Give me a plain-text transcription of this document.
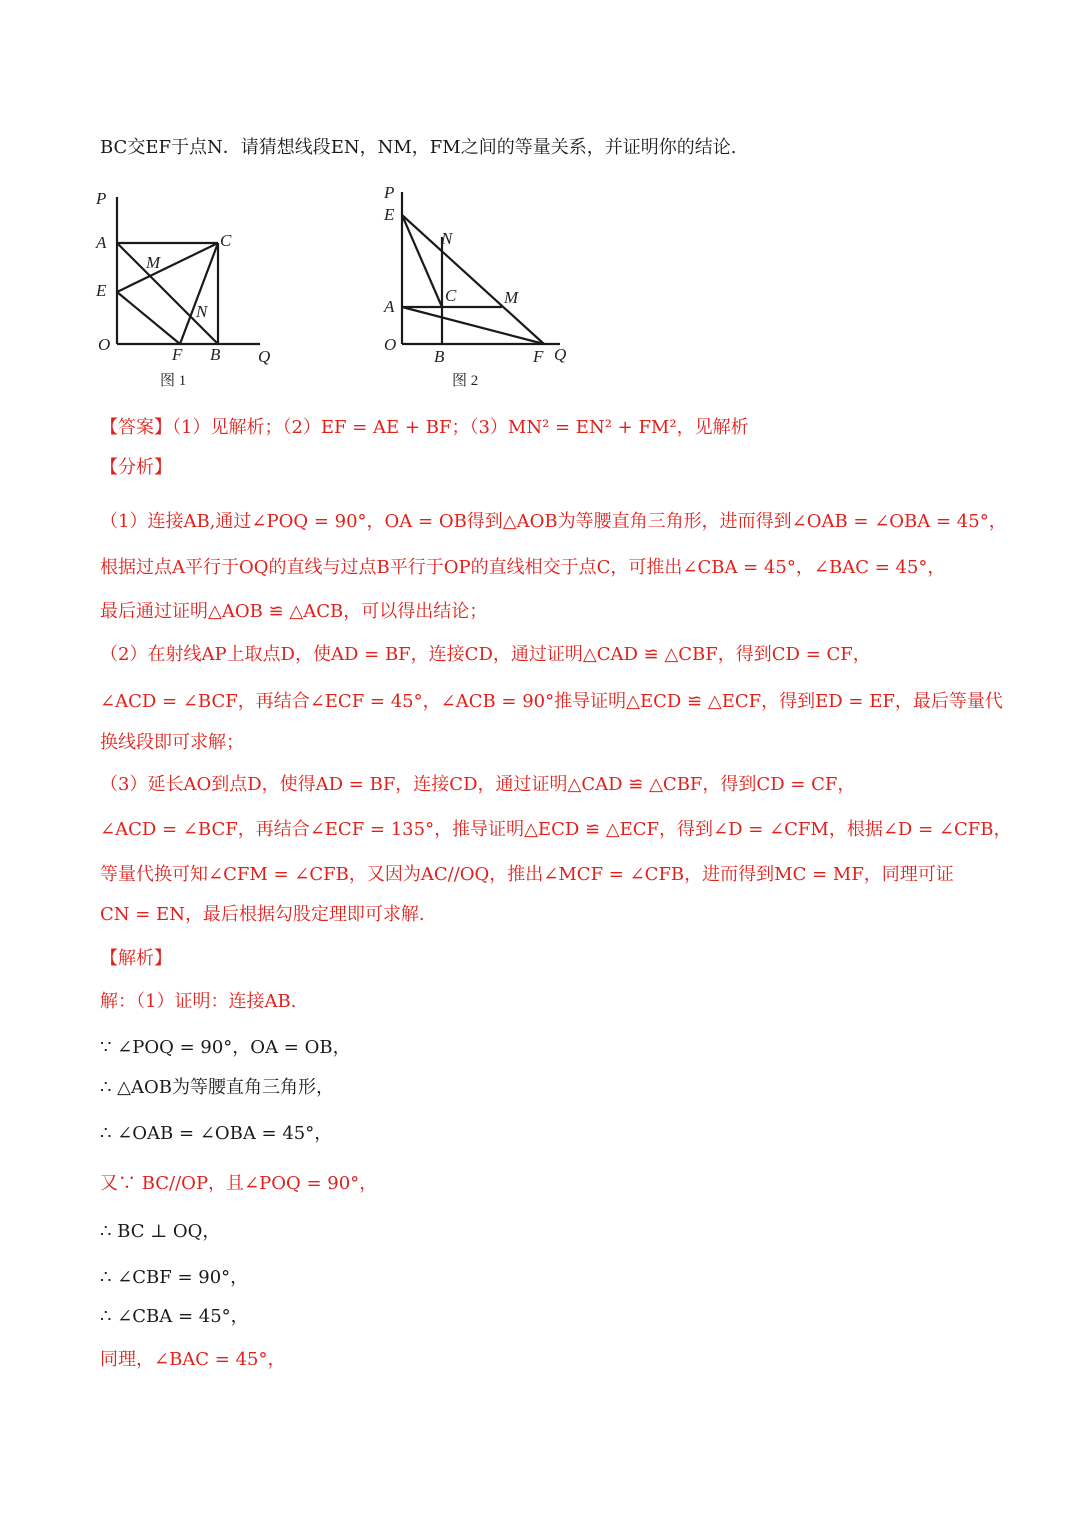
BC交EF于点N．请猜想线段EN，NM，FM之间的等量关系，并证明你的结论.
P
A	C
M
E
N
O
F B Q
图 1
P
E
N
C	M
A
O
B	F Q
图 2
【答案】（1）见解析；（2）EF = AE + BF；（3）MN² = EN² + FM²，见解析
【分析】
（1）连接AB,通过∠POQ = 90°，OA = OB得到△AOB为等腰直角三角形，进而得到∠OAB = ∠OBA = 45°，
根据过点A平行于OQ的直线与过点B平行于OP的直线相交于点C，可推出∠CBA = 45°，∠BAC = 45°，
最后通过证明△AOB ≌ △ACB，可以得出结论；
（2）在射线AP上取点D，使AD = BF，连接CD，通过证明△CAD ≌ △CBF，得到CD = CF，
∠ACD = ∠BCF，再结合∠ECF = 45°，∠ACB = 90°推导证明△ECD ≌ △ECF，得到ED = EF，最后等量代
换线段即可求解；
（3）延长AO到点D，使得AD = BF，连接CD，通过证明△CAD ≌ △CBF，得到CD = CF，
∠ACD = ∠BCF，再结合∠ECF = 135°，推导证明△ECD ≌ △ECF，得到∠D = ∠CFM，根据∠D = ∠CFB，
等量代换可知∠CFM = ∠CFB，又因为AC//OQ，推出∠MCF = ∠CFB，进而得到MC = MF，同理可证
CN = EN，最后根据勾股定理即可求解.
【解析】
解：（1）证明：连接AB.
∵ ∠POQ = 90°，OA = OB，
∴ △AOB为等腰直角三角形，
∴ ∠OAB = ∠OBA = 45°，
又∵ BC//OP，且∠POQ = 90°，
∴ BC ⊥ OQ，
∴ ∠CBF = 90°，
∴ ∠CBA = 45°，
同理，∠BAC = 45°，
